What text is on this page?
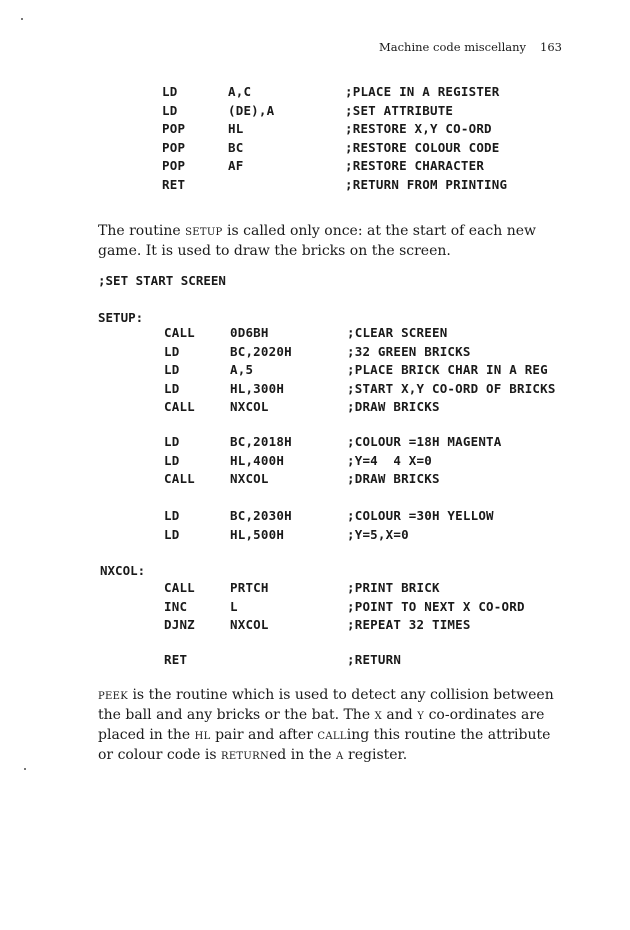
Machine code miscellany 163
LD	A,C	;PLACE IN A REGISTER
LD	(DE),A	;SET ATTRIBUTE
POP	HL	;RESTORE X,Y CO-ORD
POP	BC	;RESTORE COLOUR CODE
POP	AF	;RESTORE CHARACTER
RET	;RETURN FROM PRINTING
The routine SETUP is called only once: at the start of each new game. It is used to draw the bricks on the screen.
;SET START SCREEN
SETUP:
CALL	0D6BH	;CLEAR SCREEN
LD	BC,2020H	;32 GREEN BRICKS
LD	A,5	;PLACE BRICK CHAR IN A REG
LD	HL,300H	;START X,Y CO-ORD OF BRICKS
CALL	NXCOL	;DRAW BRICKS
LD	BC,2018H	;COLOUR =18H MAGENTA
LD	HL,400H	;Y=4  4 X=0
CALL	NXCOL	;DRAW BRICKS
LD	BC,2030H	;COLOUR =30H YELLOW
LD	HL,500H	;Y=5,X=0
NXCOL:
CALL	PRTCH	;PRINT BRICK
INC	L	;POINT TO NEXT X CO-ORD
DJNZ	NXCOL	;REPEAT 32 TIMES
RET	;RETURN
PEEK is the routine which is used to detect any collision between the ball and any bricks or the bat. The X and Y co-ordinates are placed in the HL pair and after CALLing this routine the attribute or colour code is RETURNed in the A register.
